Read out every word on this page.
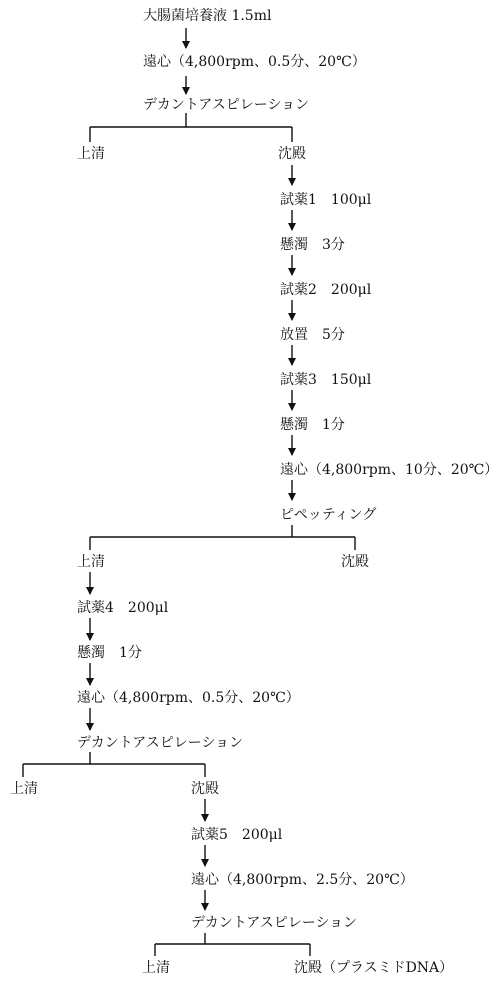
大腸菌培養液 1.5ml
遠心（4,800rpm、0.5分、20℃）
デカントアスピレーション
上清	沈殿
試薬1　100μl
懸濁　3分
試薬2　200μl
放置　5分
試薬3　150μl
懸濁　1分
遠心（4,800rpm、10分、20℃）
ピペッティング
上清	沈殿
試薬4　200μl
懸濁　1分
遠心（4,800rpm、0.5分、20℃）
デカントアスピレーション
上清	沈殿
試薬5　200μl
遠心（4,800rpm、2.5分、20℃）
デカントアスピレーション
上清	沈殿（プラスミドDNA）
